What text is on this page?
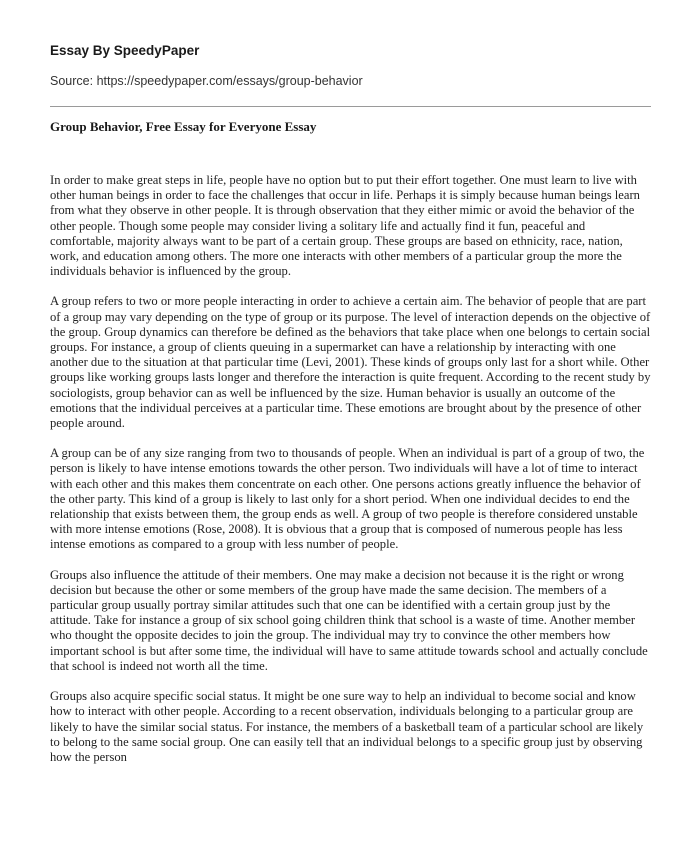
Essay By SpeedyPaper
Source: https://speedypaper.com/essays/group-behavior
Group Behavior, Free Essay for Everyone Essay

In order to make great steps in life, people have no option but to put their effort together. One must learn to live with other human beings in order to face the challenges that occur in life. Perhaps it is simply because human beings learn from what they observe in other people. It is through observation that they either mimic or avoid the behavior of the other people. Though some people may consider living a solitary life and actually find it fun, peaceful and comfortable, majority always want to be part of a certain group. These groups are based on ethnicity, race, nation, work, and education among others. The more one interacts with other members of a particular group the more the individuals behavior is influenced by the group.

A group refers to two or more people interacting in order to achieve a certain aim. The behavior of people that are part of a group may vary depending on the type of group or its purpose. The level of interaction depends on the objective of the group. Group dynamics can therefore be defined as the behaviors that take place when one belongs to certain social groups. For instance, a group of clients queuing in a supermarket can have a relationship by interacting with one another due to the situation at that particular time (Levi, 2001). These kinds of groups only last for a short while. Other groups like working groups lasts longer and therefore the interaction is quite frequent. According to the recent study by sociologists, group behavior can as well be influenced by the size. Human behavior is usually an outcome of the emotions that the individual perceives at a particular time. These emotions are brought about by the presence of other people around.

A group can be of any size ranging from two to thousands of people. When an individual is part of a group of two, the person is likely to have intense emotions towards the other person. Two individuals will have a lot of time to interact with each other and this makes them concentrate on each other. One persons actions greatly influence the behavior of the other party. This kind of a group is likely to last only for a short period. When one individual decides to end the relationship that exists between them, the group ends as well. A group of two people is therefore considered unstable with more intense emotions (Rose, 2008). It is obvious that a group that is composed of numerous people has less intense emotions as compared to a group with less number of people.

Groups also influence the attitude of their members. One may make a decision not because it is the right or wrong decision but because the other or some members of the group have made the same decision. The members of a particular group usually portray similar attitudes such that one can be identified with a certain group just by the attitude. Take for instance a group of six school going children think that school is a waste of time. Another member who thought the opposite decides to join the group. The individual may try to convince the other members how important school is but after some time, the individual will have to same attitude towards school and actually conclude that school is indeed not worth all the time.

Groups also acquire specific social status. It might be one sure way to help an individual to become social and know how to interact with other people. According to a recent observation, individuals belonging to a particular group are likely to have the similar social status. For instance, the members of a basketball team of a particular school are likely to belong to the same social group. One can easily tell that an individual belongs to a specific group just by observing how the person
